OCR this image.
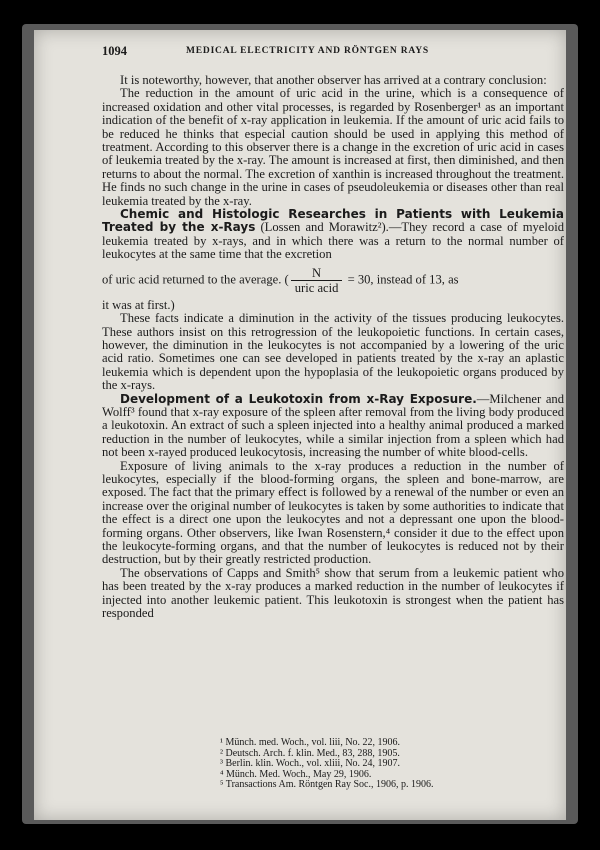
1094	MEDICAL ELECTRICITY AND RÖNTGEN RAYS

It is noteworthy, however, that another observer has arrived at a contrary conclusion:

The reduction in the amount of uric acid in the urine, which is a consequence of increased oxidation and other vital processes, is regarded by Rosenberger¹ as an important indication of the benefit of x-ray application in leukemia. If the amount of uric acid fails to be reduced he thinks that especial caution should be used in applying this method of treatment. According to this observer there is a change in the excretion of uric acid in cases of leukemia treated by the x-ray. The amount is increased at first, then diminished, and then returns to about the normal. The excretion of xanthin is increased throughout the treatment. He finds no such change in the urine in cases of pseudoleukemia or diseases other than real leukemia treated by the x-ray.

Chemic and Histologic Researches in Patients with Leukemia Treated by the x-Rays (Lossen and Morawitz²).—They record a case of myeloid leukemia treated by x-rays, and in which there was a return to the normal number of leukocytes at the same time that the excretion

of uric acid returned to the average. ( $\frac{N}{\text{uric acid}} = 30$, instead of 13, as

it was at first.)

These facts indicate a diminution in the activity of the tissues producing leukocytes. These authors insist on this retrogression of the leukopoietic functions. In certain cases, however, the diminution in the leukocytes is not accompanied by a lowering of the uric acid ratio. Sometimes one can see developed in patients treated by the x-ray an aplastic leukemia which is dependent upon the hypoplasia of the leukopoietic organs produced by the x-rays.

Development of a Leukotoxin from x-Ray Exposure.—Milchener and Wolff³ found that x-ray exposure of the spleen after removal from the living body produced a leukotoxin. An extract of such a spleen injected into a healthy animal produced a marked reduction in the number of leukocytes, while a similar injection from a spleen which had not been x-rayed produced leukocytosis, increasing the number of white blood-cells.

Exposure of living animals to the x-ray produces a reduction in the number of leukocytes, especially if the blood-forming organs, the spleen and bone-marrow, are exposed. The fact that the primary effect is followed by a renewal of the number or even an increase over the original number of leukocytes is taken by some authorities to indicate that the effect is a direct one upon the leukocytes and not a depressant one upon the blood-forming organs. Other observers, like Iwan Rosenstern,⁴ consider it due to the effect upon the leukocyte-forming organs, and that the number of leukocytes is reduced not by their destruction, but by their greatly restricted production.

The observations of Capps and Smith⁵ show that serum from a leukemic patient who has been treated by the x-ray produces a marked reduction in the number of leukocytes if injected into another leukemic patient. This leukotoxin is strongest when the patient has responded

¹ Münch. med. Woch., vol. liii, No. 22, 1906.
² Deutsch. Arch. f. klin. Med., 83, 288, 1905.
³ Berlin. klin. Woch., vol. xliii, No. 24, 1907.
⁴ Münch. Med. Woch., May 29, 1906.
⁵ Transactions Am. Röntgen Ray Soc., 1906, p. 1906.
